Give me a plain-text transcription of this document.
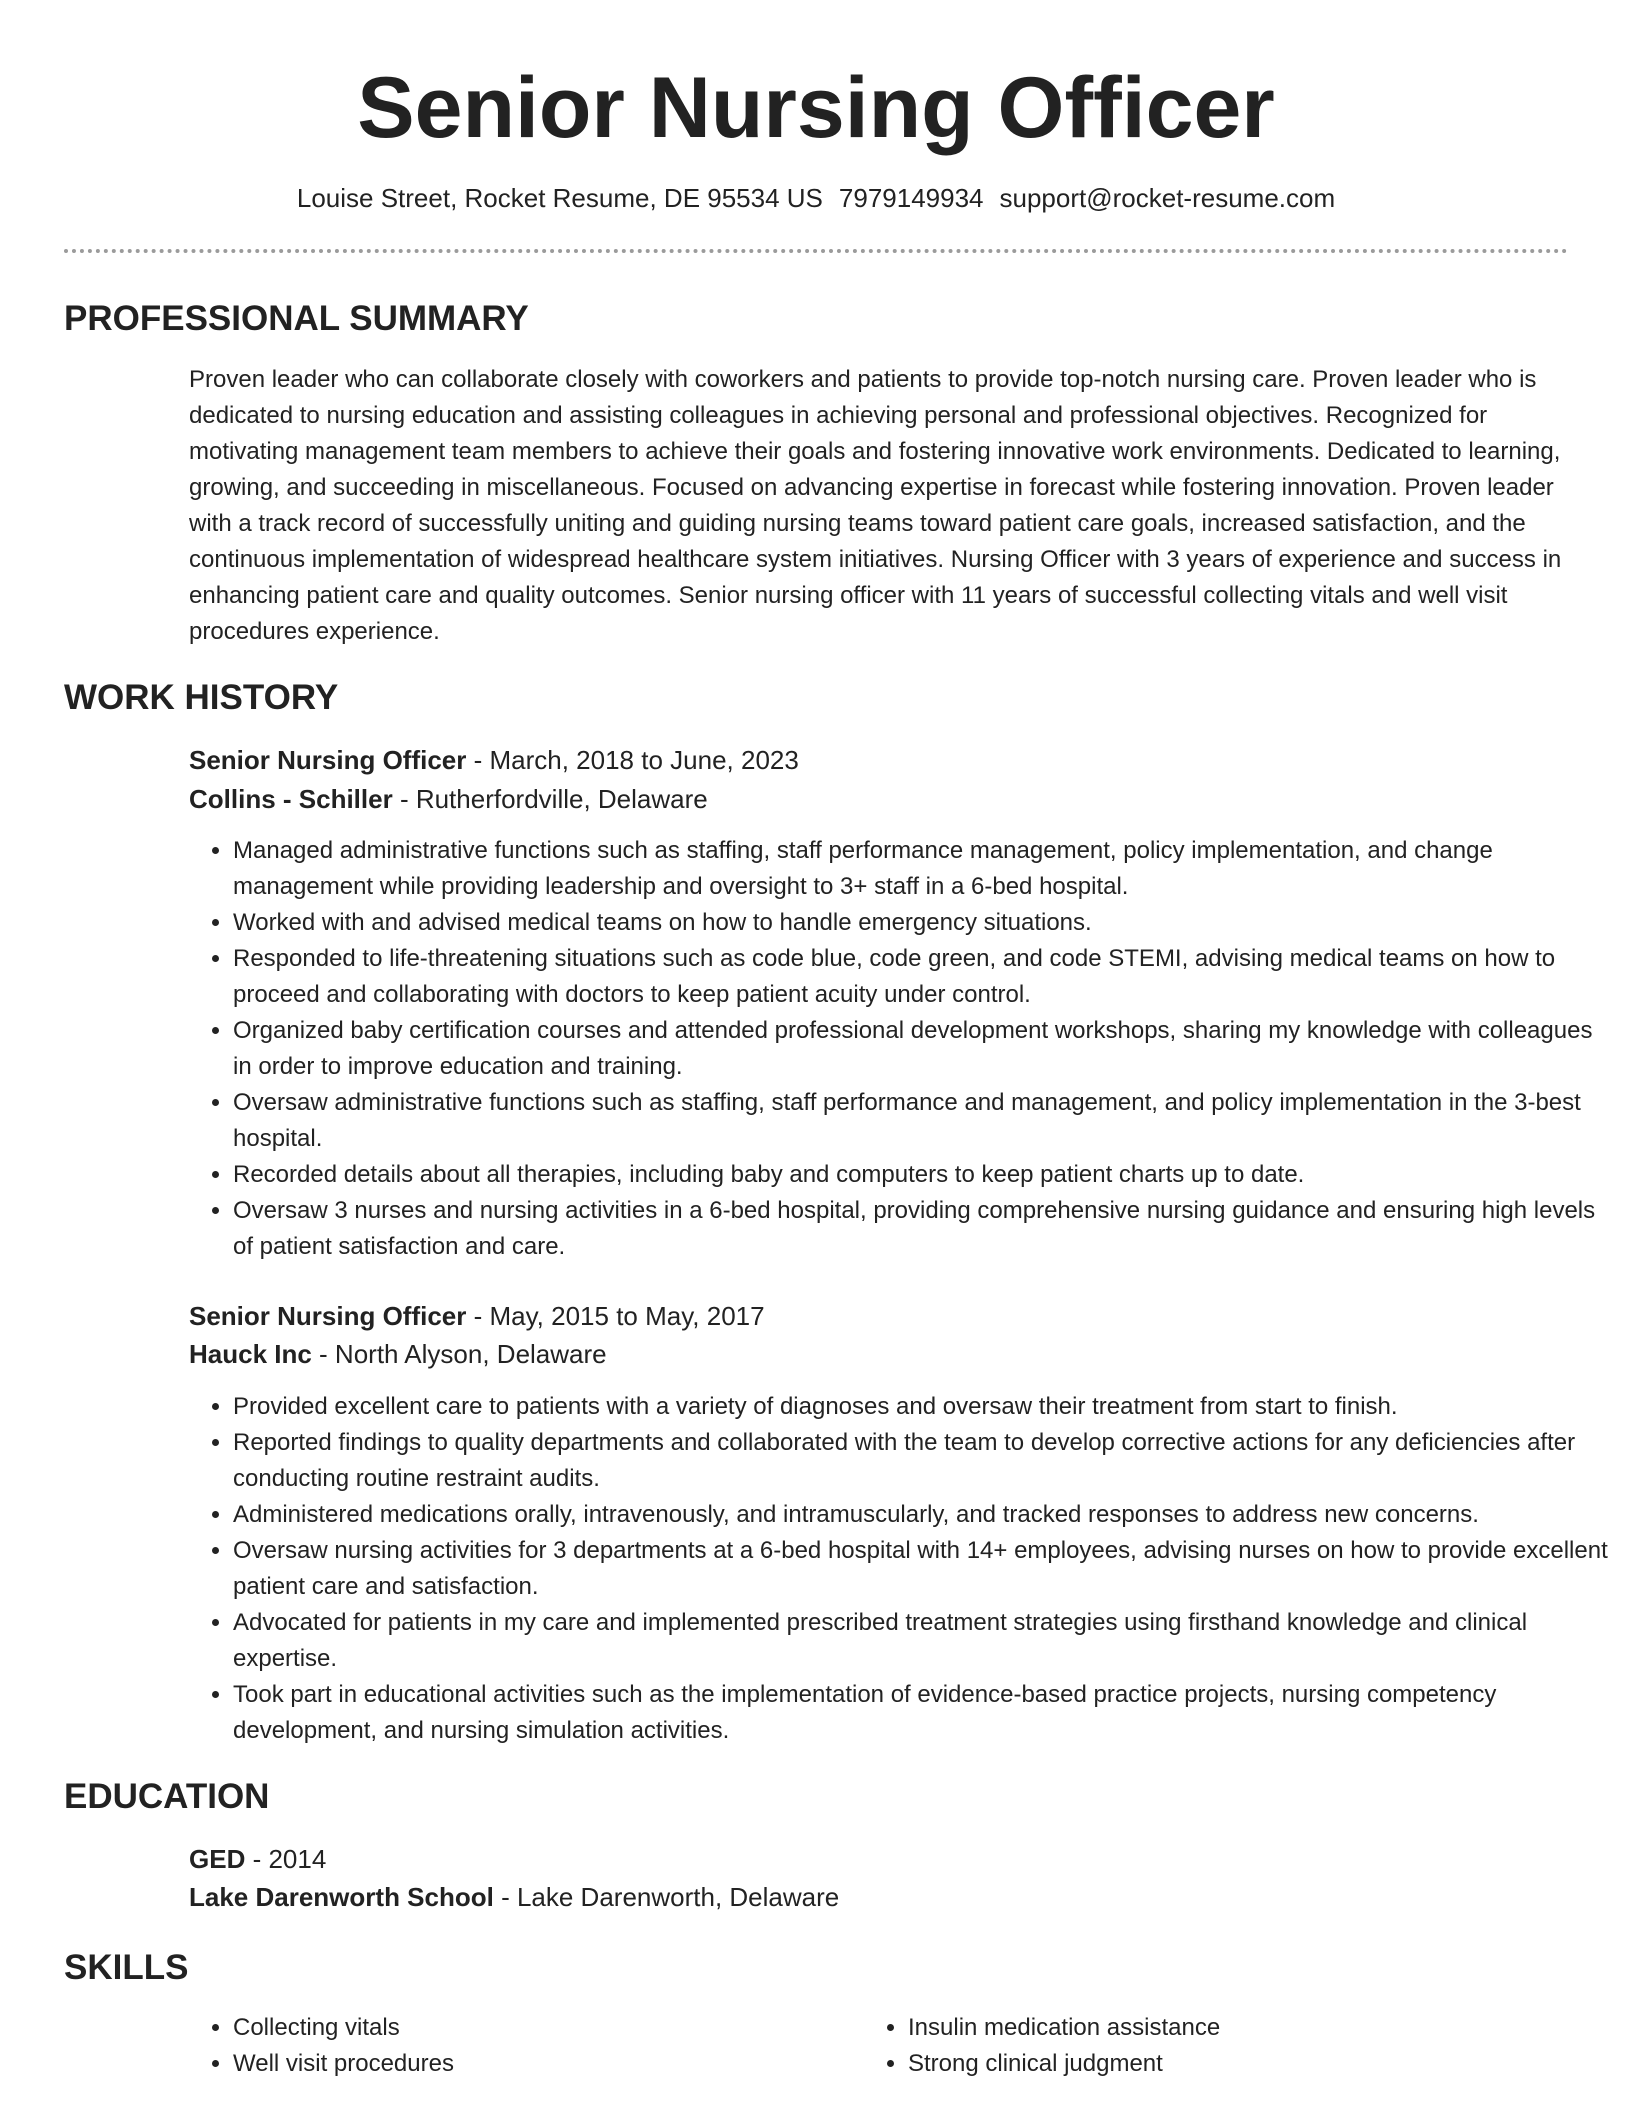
Senior Nursing Officer
Louise Street, Rocket Resume, DE 95534 US 7979149934 support@rocket-resume.com
PROFESSIONAL SUMMARY

Proven leader who can collaborate closely with coworkers and patients to provide top-notch nursing care. Proven leader who is dedicated to nursing education and assisting colleagues in achieving personal and professional objectives. Recognized for motivating management team members to achieve their goals and fostering innovative work environments. Dedicated to learning, growing, and succeeding in miscellaneous. Focused on advancing expertise in forecast while fostering innovation. Proven leader with a track record of successfully uniting and guiding nursing teams toward patient care goals, increased satisfaction, and the continuous implementation of widespread healthcare system initiatives. Nursing Officer with 3 years of experience and success in enhancing patient care and quality outcomes. Senior nursing officer with 11 years of successful collecting vitals and well visit procedures experience.

WORK HISTORY
Senior Nursing Officer - March, 2018 to June, 2023
Collins - Schiller - Rutherfordville, Delaware
• Managed administrative functions such as staffing, staff performance management, policy implementation, and change management while providing leadership and oversight to 3+ staff in a 6-bed hospital.
• Worked with and advised medical teams on how to handle emergency situations.
• Responded to life-threatening situations such as code blue, code green, and code STEMI, advising medical teams on how to proceed and collaborating with doctors to keep patient acuity under control.
• Organized baby certification courses and attended professional development workshops, sharing my knowledge with colleagues in order to improve education and training.
• Oversaw administrative functions such as staffing, staff performance and management, and policy implementation in the 3-best hospital.
• Recorded details about all therapies, including baby and computers to keep patient charts up to date.
• Oversaw 3 nurses and nursing activities in a 6-bed hospital, providing comprehensive nursing guidance and ensuring high levels of patient satisfaction and care.
Senior Nursing Officer - May, 2015 to May, 2017
Hauck Inc - North Alyson, Delaware
• Provided excellent care to patients with a variety of diagnoses and oversaw their treatment from start to finish.
• Reported findings to quality departments and collaborated with the team to develop corrective actions for any deficiencies after conducting routine restraint audits.
• Administered medications orally, intravenously, and intramuscularly, and tracked responses to address new concerns.
• Oversaw nursing activities for 3 departments at a 6-bed hospital with 14+ employees, advising nurses on how to provide excellent patient care and satisfaction.
• Advocated for patients in my care and implemented prescribed treatment strategies using firsthand knowledge and clinical expertise.
• Took part in educational activities such as the implementation of evidence-based practice projects, nursing competency development, and nursing simulation activities.
EDUCATION
GED - 2014
Lake Darenworth School - Lake Darenworth, Delaware
SKILLS
• Collecting vitals
• Well visit procedures
• Insulin medication assistance
• Strong clinical judgment
